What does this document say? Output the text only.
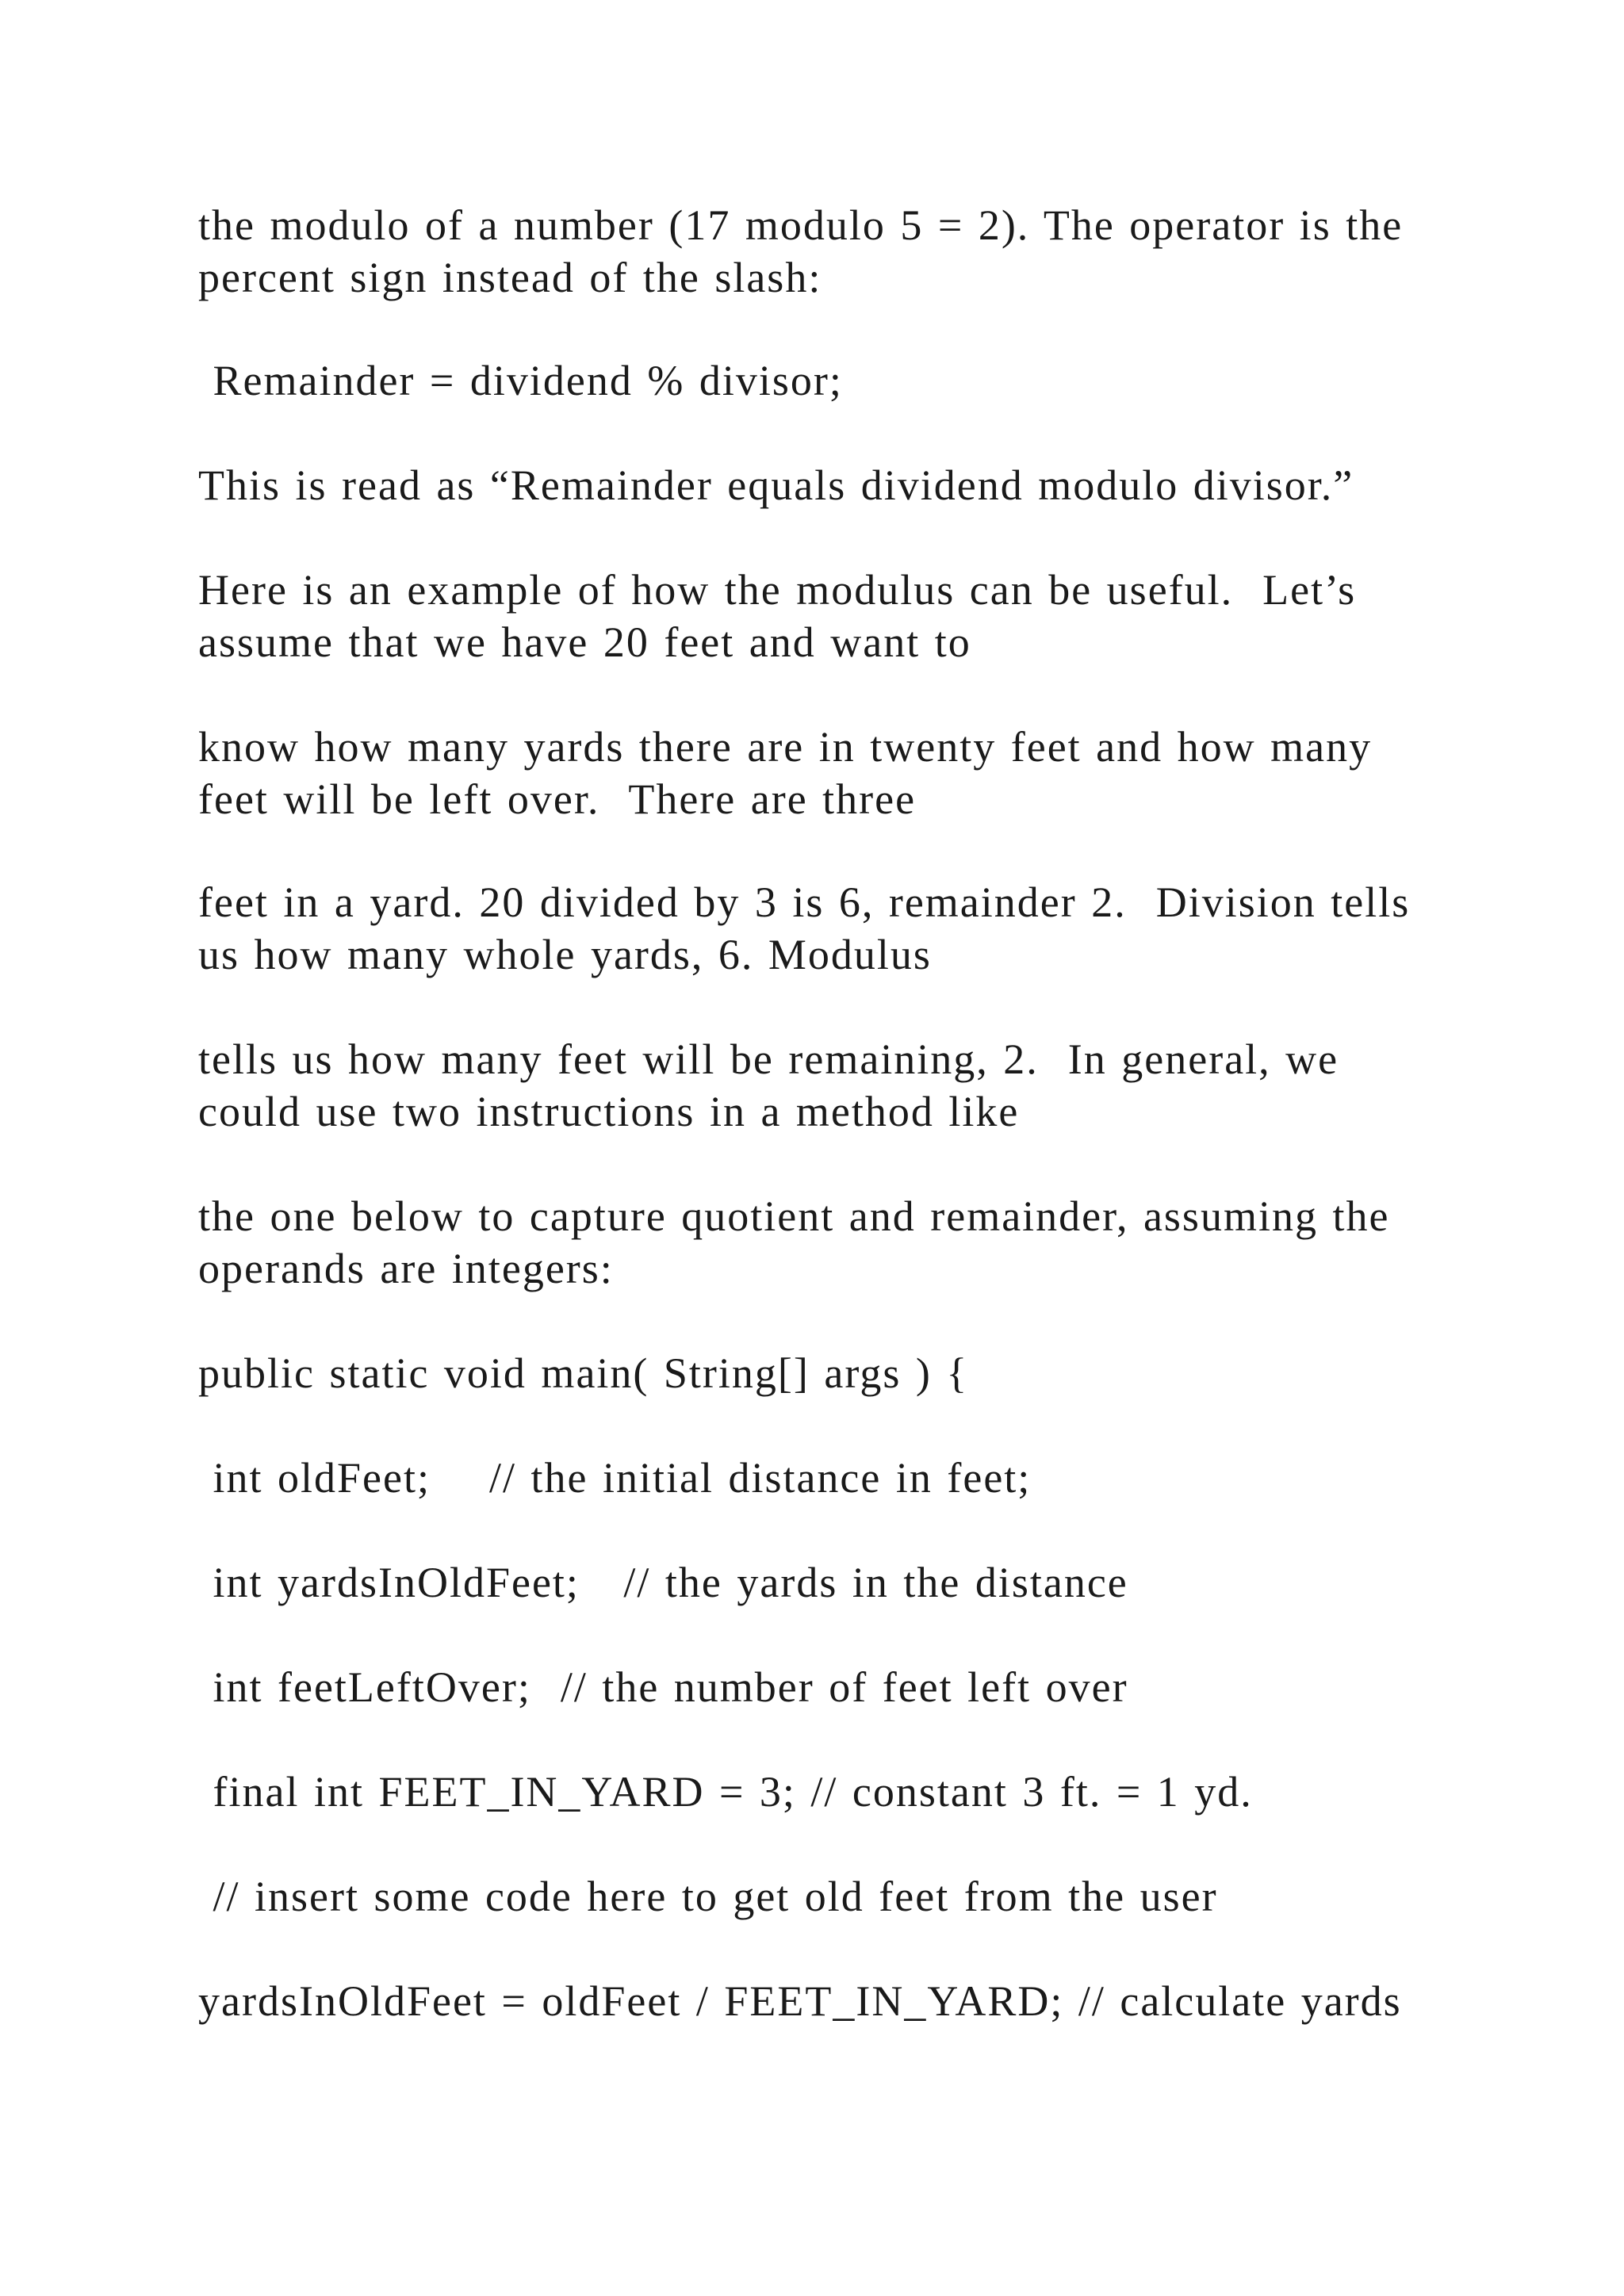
the modulo of a number (17 modulo 5 = 2). The operator is the

percent sign instead of the slash:

Remainder = dividend % divisor;

This is read as “Remainder equals dividend modulo divisor.”

Here is an example of how the modulus can be useful.  Let’s

assume that we have 20 feet and want to

know how many yards there are in twenty feet and how many

feet will be left over.  There are three

feet in a yard. 20 divided by 3 is 6, remainder 2.  Division tells

us how many whole yards, 6. Modulus

tells us how many feet will be remaining, 2.  In general, we

could use two instructions in a method like

the one below to capture quotient and remainder, assuming the

operands are integers:

public static void main( String[] args ) {

int oldFeet;    // the initial distance in feet;

int yardsInOldFeet;   // the yards in the distance

int feetLeftOver;  // the number of feet left over

final int FEET_IN_YARD = 3; // constant 3 ft. = 1 yd.

// insert some code here to get old feet from the user

yardsInOldFeet = oldFeet / FEET_IN_YARD; // calculate yards
